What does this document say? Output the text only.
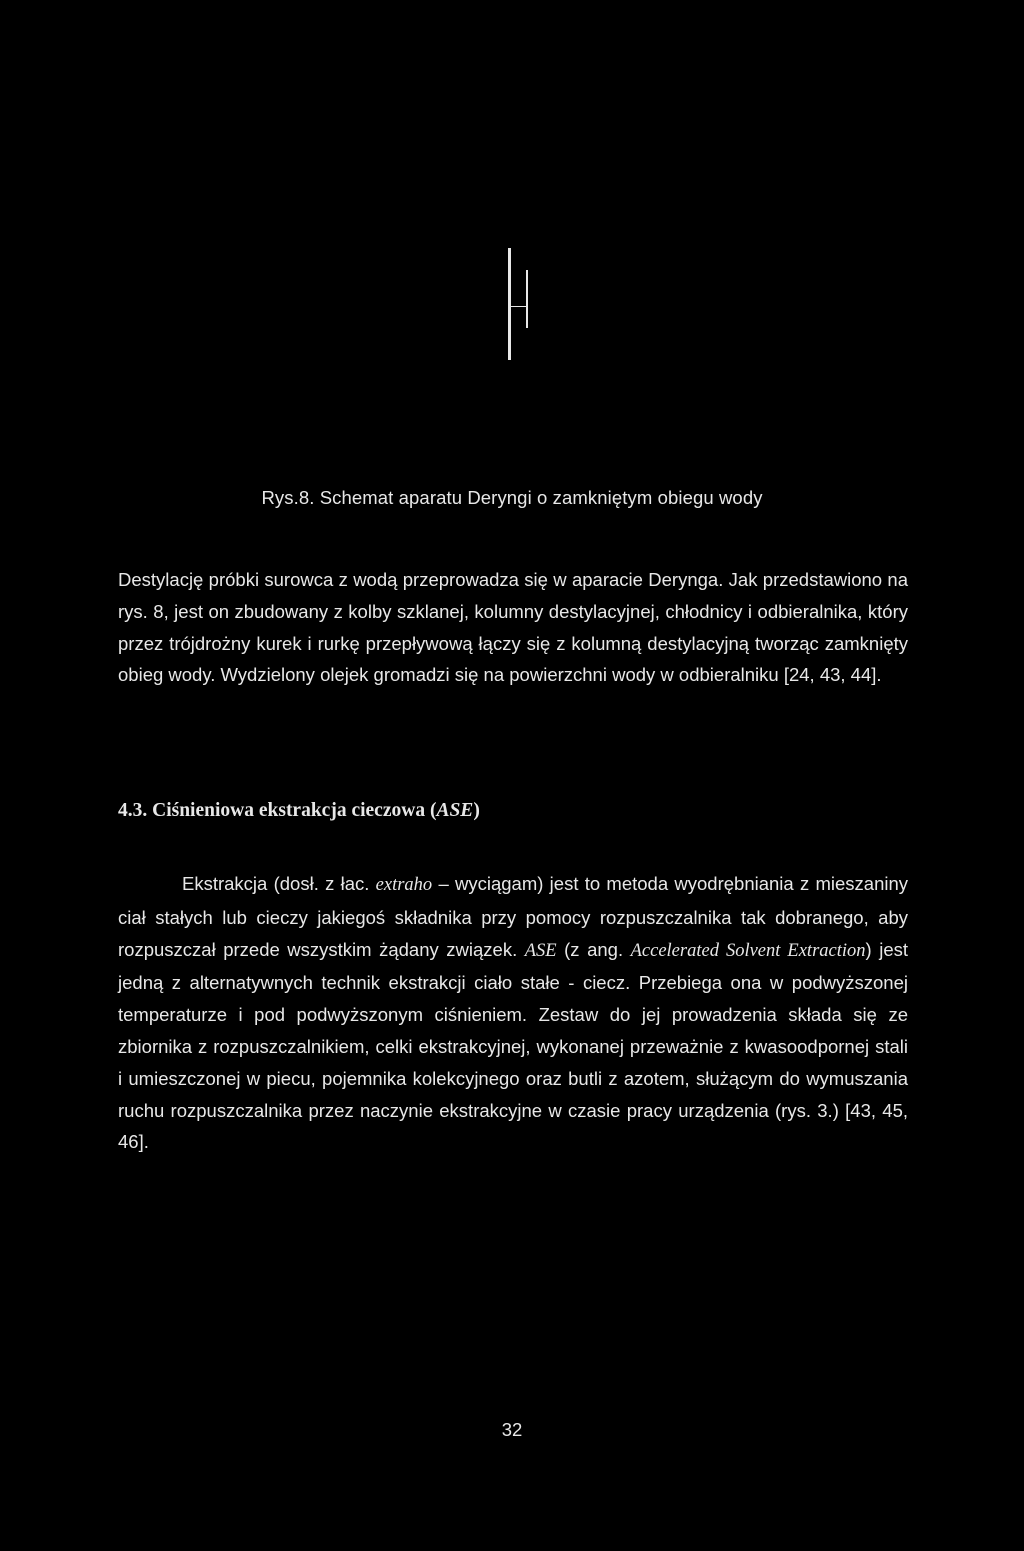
Rys.8. Schemat aparatu Deryngi o zamkniętym obiegu wody

Destylację próbki surowca z wodą przeprowadza się w aparacie Derynga. Jak przedstawiono na rys. 8, jest on zbudowany z kolby szklanej, kolumny destylacyjnej, chłodnicy i odbieralnika, który przez trójdrożny kurek i rurkę przepływową łączy się z kolumną destylacyjną tworząc zamknięty obieg wody. Wydzielony olejek gromadzi się na powierzchni wody w odbieralniku [24, 43, 44].

4.3. Ciśnieniowa ekstrakcja cieczowa (ASE)

Ekstrakcja (dosł. z łac. extraho – wyciągam) jest to metoda wyodrębniania z mieszaniny ciał stałych lub cieczy jakiegoś składnika przy pomocy rozpuszczalnika tak dobranego, aby rozpuszczał przede wszystkim żądany związek. ASE (z ang. Accelerated Solvent Extraction) jest jedną z alternatywnych technik ekstrakcji ciało stałe - ciecz. Przebiega ona w podwyższonej temperaturze i pod podwyższonym ciśnieniem. Zestaw do jej prowadzenia składa się ze zbiornika z rozpuszczalnikiem, celki ekstrakcyjnej, wykonanej przeważnie z kwasoodpornej stali i umieszczonej w piecu, pojemnika kolekcyjnego oraz butli z azotem, służącym do wymuszania ruchu rozpuszczalnika przez naczynie ekstrakcyjne w czasie pracy urządzenia (rys. 3.) [43, 45, 46].

32
